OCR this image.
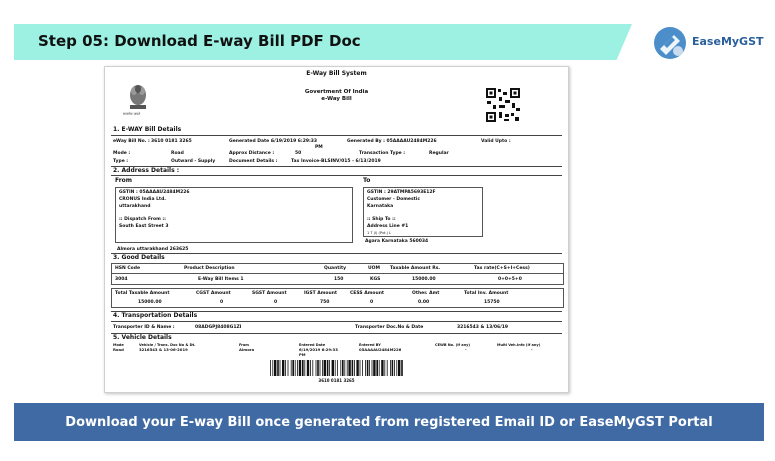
Step 05: Download E-way Bill PDF Doc	EaseMyGST
E-Way Bill System
सत्यमेव जयते
Govertment Of India
e-Way Bill
1. E-WAY Bill Details
eWay Bill No. : 3610 0181 3265	Generated Date :
6/19/2019 6:29:33	Generated By : 05AAAAU2484M226	Valid Upto :
PM
Mode :	Road	Approx Distance :	50	Transaction Type :	Regular
Type :	Outward - Supply	Document Details :	Tax Invoice-BLSINV/015 - 6/13/2019
2. Address Details :
From	To
GSTIN : 05AAAAU2484M226
CRONUS India Ltd.
uttarakhand
:: Dispatch From ::
South East Street 3
Almora uttarakhand 263625
GSTIN : 29ATMPA5693E12F
Customer - Domestic
Karnataka
:: Ship To ::
Address Line #1
1 T (I) (Pvt.) L
Agara Karnataka 560034
3. Good Details
HSN Code	Product Description	Quantity	UOM Taxable Amount Rs.	Tax rate(C+S+I+Cess)
3004	E-Way Bill Items 1	150	KGS	15000.00	0+0+5+0
Total Taxable Amount	CGST Amount	SGST Amount	IGST Amount	CESS Amount	Other. Amt	Total Inv. Amount
15000.00	0	0	750	0	0.00	15750
4. Transportation Details
Transporter ID & Name :	08ADGPJ8408G1ZI	Transporter Doc.No & Date	3216543 & 13/06/19
5. Vehicle Details
Mode	Vehicle / Trans. Doc No & Dt.	From	Entered Date	Entered BY	CEWB No. (If any)	Multi Veh.Info (If any)
Road	3216543 & 13-06-2019	Almora	6/19/2019 6:29:33	05AAAAU2484M226	-	-
PM
3610 0181 3265
Download your E-way Bill once generated from registered Email ID or EaseMyGST Portal
